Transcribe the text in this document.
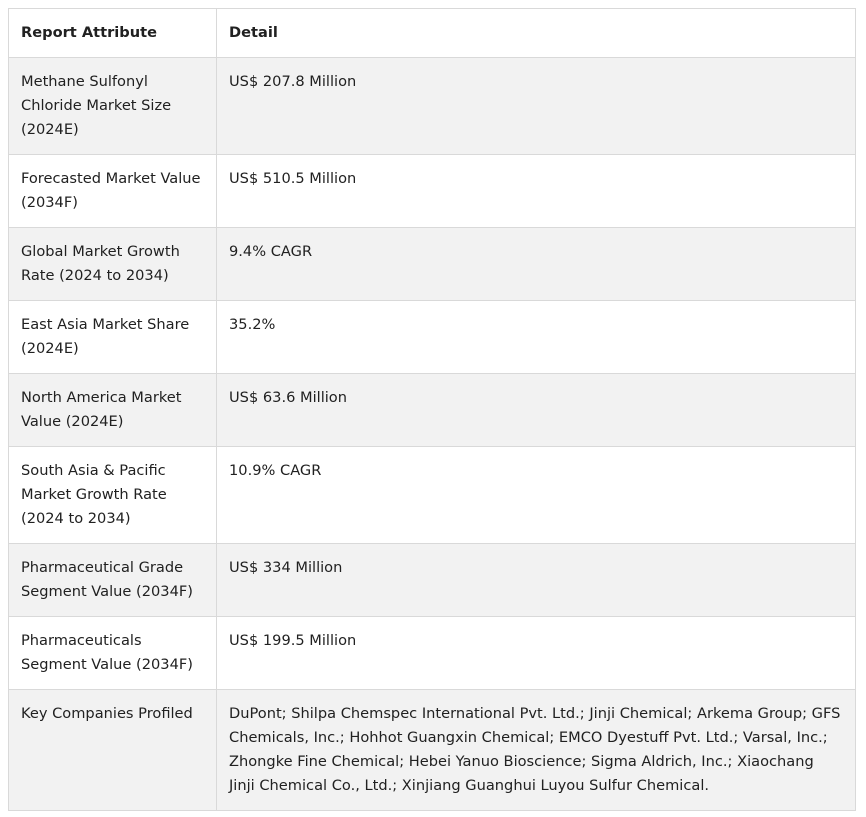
Report Attribute	Detail
Methane Sulfonyl Chloride Market Size (2024E)	US$ 207.8 Million
Forecasted Market Value (2034F)	US$ 510.5 Million
Global Market Growth Rate (2024 to 2034)	9.4% CAGR
East Asia Market Share (2024E)	35.2%
North America Market Value (2024E)	US$ 63.6 Million
South Asia & Pacific Market Growth Rate (2024 to 2034)	10.9% CAGR
Pharmaceutical Grade Segment Value (2034F)	US$ 334 Million
Pharmaceuticals Segment Value (2034F)	US$ 199.5 Million
Key Companies Profiled	DuPont; Shilpa Chemspec International Pvt. Ltd.; Jinji Chemical; Arkema Group; GFS Chemicals, Inc.; Hohhot Guangxin Chemical; EMCO Dyestuff Pvt. Ltd.; Varsal, Inc.; Zhongke Fine Chemical; Hebei Yanuo Bioscience; Sigma Aldrich, Inc.; Xiaochang Jinji Chemical Co., Ltd.; Xinjiang Guanghui Luyou Sulfur Chemical.
